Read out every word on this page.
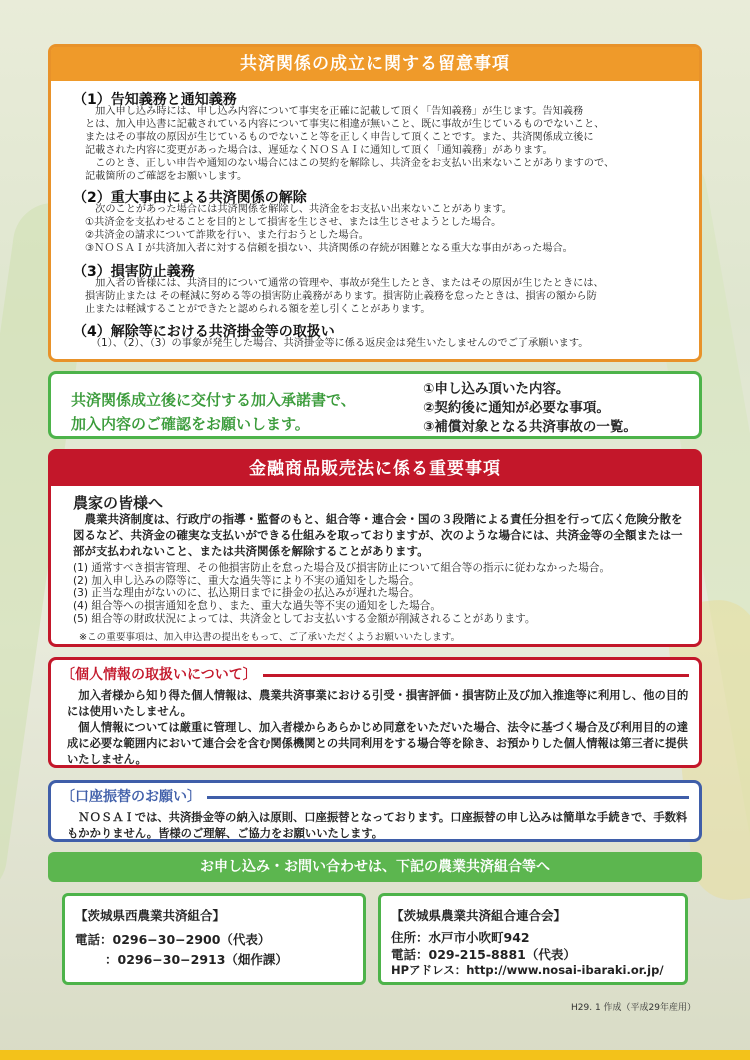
共済関係の成立に関する留意事項
（1）告知義務と通知義務

　加入申し込み時には、申し込み内容について事実を正確に記載して頂く「告知義務」が生じます。告知義務
とは、加入申込書に記載されている内容について事実に相違が無いこと、既に事故が生じているものでないこと、
またはその事故の原因が生じているものでないこと等を正しく申告して頂くことです。また、共済関係成立後に
記載された内容に変更があった場合は、遅延なくＮＯＳＡＩに通知して頂く「通知義務」があります。
　このとき、正しい申告や通知のない場合にはこの契約を解除し、共済金をお支払い出来ないことがありますので、
記載箇所のご確認をお願いします。

（2）重大事由による共済関係の解除

　次のことがあった場合には共済関係を解除し、共済金をお支払い出来ないことがあります。
①共済金を支払わせることを目的として損害を生じさせ、または生じさせようとした場合。
②共済金の請求について詐欺を行い、また行おうとした場合。
③ＮＯＳＡＩが共済加入者に対する信頼を損ない、共済関係の存続が困難となる重大な事由があった場合。

（3）損害防止義務

　加入者の皆様には、共済目的について通常の管理や、事故が発生したとき、またはその原因が生じたときには、
損害防止または その軽減に努める等の損害防止義務があります。損害防止義務を怠ったときは、損害の額から防
止または軽減することができたと認められる額を差し引くことがあります。

（4）解除等における共済掛金等の取扱い

（1）、（2）、（3）の事象が発生した場合、共済掛金等に係る返戻金は発生いたしませんのでご了承願います。

共済関係成立後に交付する加入承諾書で、
加入内容のご確認をお願いします。
①申し込み頂いた内容。
②契約後に通知が必要な事項。
③補償対象となる共済事故の一覧。
金融商品販売法に係る重要事項
農家の皆様へ

　農業共済制度は、行政庁の指導・監督のもと、組合等・連合会・国の３段階による責任分担を行って広く危険分散を図るなど、共済金の確実な支払いができる仕組みを取っておりますが、次のような場合には、共済金等の全額または一部が支払われないこと、または共済関係を解除することがあります。

(1) 通常すべき損害管理、その他損害防止を怠った場合及び損害防止について組合等の指示に従わなかった場合。
(2) 加入申し込みの際等に、重大な過失等により不実の通知をした場合。
(3) 正当な理由がないのに、払込期日までに掛金の払込みが遅れた場合。
(4) 組合等への損害通知を怠り、また、重大な過失等不実の通知をした場合。
(5) 組合等の財政状況によっては、共済金としてお支払いする金額が削減されることがあります。
※この重要事項は、加入申込書の提出をもって、ご了承いただくようお願いいたします。
〔個人情報の取扱いについて〕

　加入者様から知り得た個人情報は、農業共済事業における引受・損害評価・損害防止及び加入推進等に利用し、他の目的には使用いたしません。
　個人情報については厳重に管理し、加入者様からあらかじめ同意をいただいた場合、法令に基づく場合及び利用目的の達成に必要な範囲内において連合会を含む関係機関との共同利用をする場合等を除き、お預かりした個人情報は第三者に提供いたしません。

〔口座振替のお願い〕

　ＮＯＳＡＩでは、共済掛金等の納入は原則、口座振替となっております。口座振替の申し込みは簡単な手続きで、手数料もかかりません。皆様のご理解、ご協力をお願いいたします。

お申し込み・お問い合わせは、下記の農業共済組合等へ
【茨城県西農業共済組合】
電話：0296−30−2900（代表）
：0296−30−2913（畑作課）
【茨城県農業共済組合連合会】
住所：水戸市小吹町942
電話：029-215-8881（代表）
HPアドレス：http://www.nosai-ibaraki.or.jp/
H29. 1 作成（平成29年産用）
